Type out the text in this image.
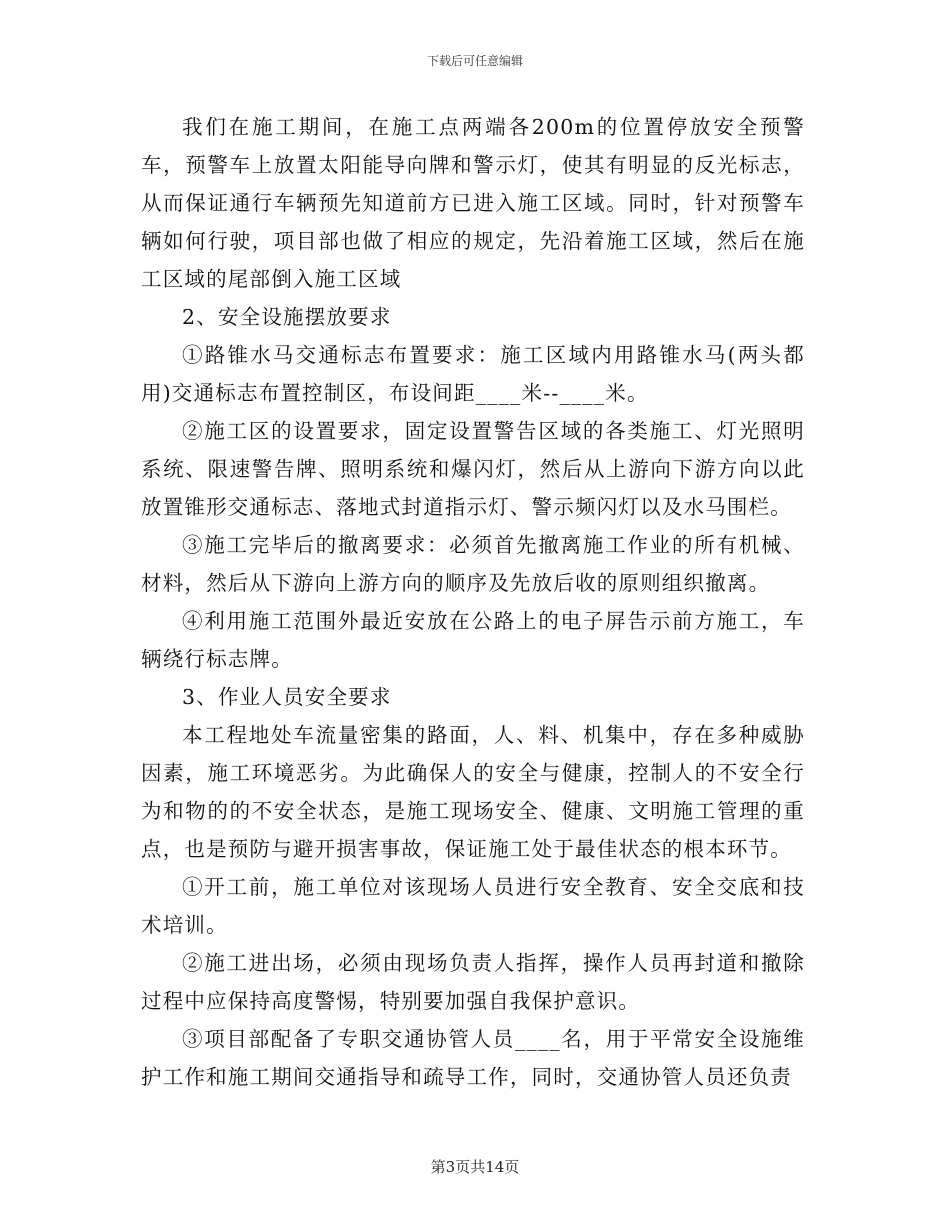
下载后可任意编辑

我们在施工期间，在施工点两端各200m的位置停放安全预警车，预警车上放置太阳能导向牌和警示灯，使其有明显的反光标志，从而保证通行车辆预先知道前方已进入施工区域。同时，针对预警车辆如何行驶，项目部也做了相应的规定，先沿着施工区域，然后在施工区域的尾部倒入施工区域

2、安全设施摆放要求

①路锥水马交通标志布置要求：施工区域内用路锥水马(两头都用)交通标志布置控制区，布设间距____米--____米。

②施工区的设置要求，固定设置警告区域的各类施工、灯光照明系统、限速警告牌、照明系统和爆闪灯，然后从上游向下游方向以此放置锥形交通标志、落地式封道指示灯、警示频闪灯以及水马围栏。

③施工完毕后的撤离要求：必须首先撤离施工作业的所有机械、材料，然后从下游向上游方向的顺序及先放后收的原则组织撤离。

④利用施工范围外最近安放在公路上的电子屏告示前方施工，车辆绕行标志牌。

3、作业人员安全要求

本工程地处车流量密集的路面，人、料、机集中，存在多种威胁因素，施工环境恶劣。为此确保人的安全与健康，控制人的不安全行为和物的的不安全状态，是施工现场安全、健康、文明施工管理的重点，也是预防与避开损害事故，保证施工处于最佳状态的根本环节。

①开工前，施工单位对该现场人员进行安全教育、安全交底和技术培训。

②施工进出场，必须由现场负责人指挥，操作人员再封道和撤除过程中应保持高度警惕，特别要加强自我保护意识。

③项目部配备了专职交通协管人员____名，用于平常安全设施维护工作和施工期间交通指导和疏导工作，同时，交通协管人员还负责

第3页共14页
